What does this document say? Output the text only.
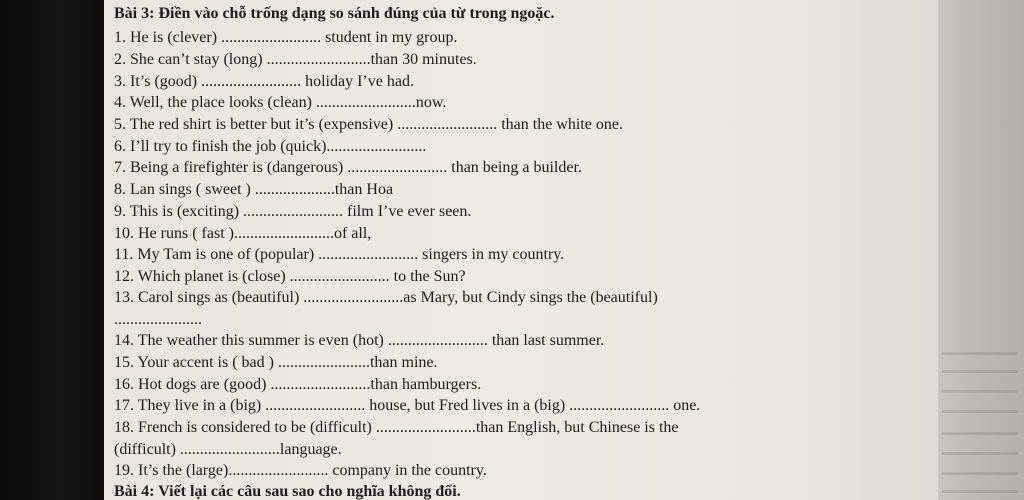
Bài 3: Điền vào chỗ trống dạng so sánh đúng của từ trong ngoặc.
1. He is (clever) ......................... student in my group.
2. She can’t stay (long) ..........................than 30 minutes.
3. It’s (good) ......................... holiday I’ve had.
4. Well, the place looks (clean) .........................now.
5. The red shirt is better but it’s (expensive) ......................... than the white one.
6. I’ll try to finish the job (quick).........................
7. Being a firefighter is (dangerous) ......................... than being a builder.
8. Lan sings ( sweet ) ....................than Hoa
9. This is (exciting) ......................... film I’ve ever seen.
10. He runs ( fast ).........................of all,
11. My Tam is one of (popular) ......................... singers in my country.
12. Which planet is (close) ......................... to the Sun?
13. Carol sings as (beautiful) .........................as Mary, but Cindy sings the (beautiful)
......................
14. The weather this summer is even (hot) ......................... than last summer.
15. Your accent is ( bad ) .......................than mine.
16. Hot dogs are (good) .........................than hamburgers.
17. They live in a (big) ......................... house, but Fred lives in a (big) ......................... one.
18. French is considered to be (difficult) .........................than English, but Chinese is the
(difficult) .........................language.
19. It’s the (large)......................... company in the country.
Bài 4: Viết lại các câu sau sao cho nghĩa không đổi.
